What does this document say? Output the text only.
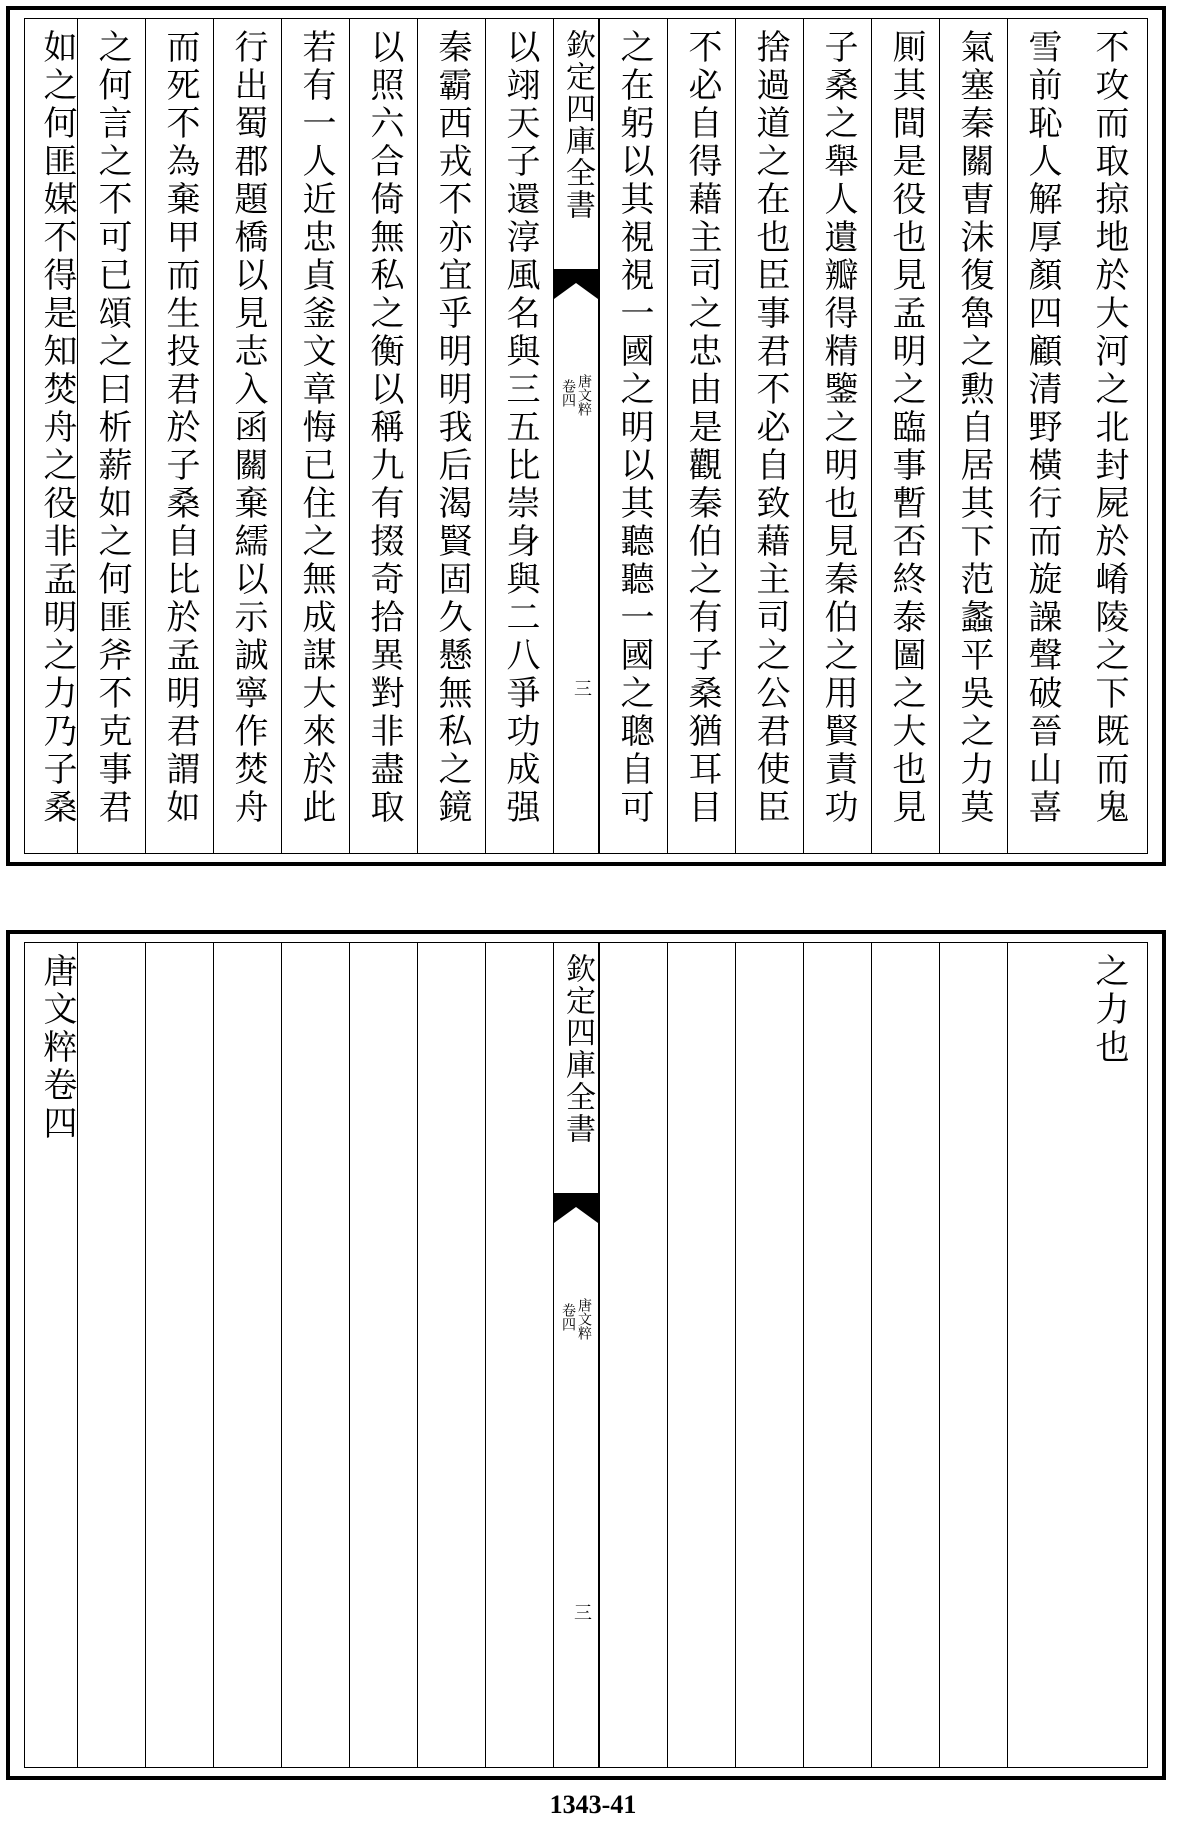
不攻而取掠地於大河之北封屍於崤陵之下既而鬼
雪前恥人解厚顏四顧清野橫行而旋譟聲破晉山喜
氣塞秦關曺沫復魯之勲自居其下范蠡平吳之力莫
厠其間是役也見孟明之臨事暫否終泰圖之大也見
子桑之舉人遺瓣得精鑒之明也見秦伯之用賢責功
捨過道之在也臣事君不必自致藉主司之公君使臣
不必自得藉主司之忠由是觀秦伯之有子桑猶耳目
之在躬以其視視一國之明以其聽聽一國之聰自可
欽定四庫全書
唐文粹
卷四
三
以翊天子還淳風名與三五比崇身與二八爭功成强
秦霸西戎不亦宜乎明明我后渴賢固久懸無私之鏡
以照六合倚無私之衡以稱九有掇奇拾異對非盡取
若有一人近忠貞釜文章悔已住之無成謀大來於此
行出蜀郡題橋以見志入函關棄繻以示誠寧作焚舟
而死不為棄甲而生投君於子桑自比於孟明君謂如
之何言之不可已頌之曰析薪如之何匪斧不克事君
如之何匪媒不得是知焚舟之役非孟明之力乃子桑
之力也
欽定四庫全書
唐文粹
卷四
三
唐文粹卷四
1343-41
